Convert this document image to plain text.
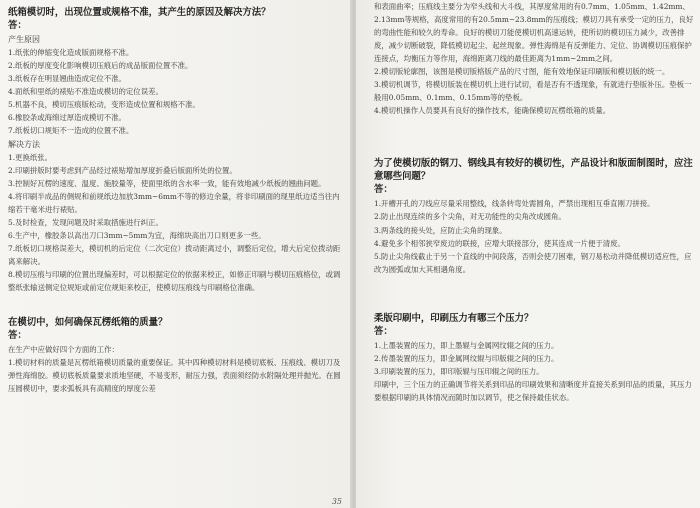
纸箱模切时，出现位置或规格不准，其产生的原因及解决方法？

答：

产生原因

1.纸张的伸缩变化造成版面规格不准。

2.纸板的厚度变化影响模切压痕后的成品版面位置不准。

3.纸板存在明显翘曲造成定位不准。

4.面纸和里纸的裱贴不准造成模切的定位误差。

5.机器不良，模切压痕版松动，变形造成位置和规格不准。

6.橡胶条或海绵过厚造成模切不准。

7.纸板切口规矩不一造成的位置不准。

解决方法

1.更换纸张。

2.印刷拼版时要考虑到产品经过裱贴增加厚度折叠后版面所处的位置。

3.控制好瓦楞的速度、温度、施胶量等，使面里纸的含水率一致，能有效地减少纸板的翘曲问题。

4.将印刷半成品的侧规和前规纸边加放3mm~6mm不等的修边余量，将非印刷面的现里纸边适当往内缩若干毫米进行裱贴。

5.及时检查，发现问题及时采取措施进行纠正。

6.生产中，橡胶条以高出刀口3mm~5mm为宜，海绵块高出刀口则更多一些。

7.纸板切口规格误差大，模切机的后定位（二次定位）拨动距离过小，调整后定位，增大后定位拨动距离来解决。

8.模切压痕与印刷的位置出现偏差时，可以根据定位的依据来校正，如修正印刷与模切压痕格位，或调整纸张输送侧定位规矩或前定位规矩来校正，使模切压痕线与印刷格位准确。

在模切中，如何确保瓦楞纸箱的质量？

答：

在生产中应做好四个方面的工作：

1.模切材料的质量是瓦楞纸箱模切质量的重要保证。其中四种模切材料是模切底板、压痕线、模切刀及弹性海绵胶。模切底板质量要求质地坚硬，不易变形，耐压力强，表面须经防水附隔处理并抛光。在圆压圆模切中，要求弧板具有高精度的厚度公差

35

和表面曲率；压痕线主要分为窄头线和大斗线，其厚度常用的有0.7mm、1.05mm、1.42mm、2.13mm等规格，高度常用的有20.5mm~23.8mm的压痕线；模切刀具有承受一定的压力，良好的弯曲性能和较久的寿命。良好的模切刀能使模切机高速运转，使所切的模切压力减少，改善排废，减少切断破裂，降低模切起尘、起丝现象。弹性海绵是有反弹能力、定位、协调模切压痕保护连接点，均衡压力等作用，海绵距离刀线的最佳距离为1mm~2mm之间。

2.模切版轮廓图，该图是模切版格版产品的尺寸图，能有效地保证印刷版和模切版的统一。

3.模切机调节，将模切版装在模切机上进行试切，看是否有不透现象，有就进行垫版补压。垫板一般用0.05mm、0.1mm、0.15mm等的垫板。

4.模切机操作人员要具有良好的操作技术，能确保模切瓦楞纸箱的质量。

为了使模切版的钢刀、钢线具有较好的模切性，产品设计和版面制图时，应注意哪些问题？

答：

1.开槽开孔的刀线应尽量采用整线，线条转弯处需圆角，严禁出现相互垂直刚刀拼接。

2.防止出现连续的多个尖角，对无功能性的尖角改成圆角。

3.两条线的接头处，应防止尖角的现象。

4.避免多个相邻狭窄废边的联接，应增大联接部分，使其连成一片便于清废。

5.防止尖角线截止于另一个直线的中间段落，否则会使刀困难，钢刀易松动并降低模切适应性，应改为圆弧或加大其相遇角度。

柔版印刷中，印刷压力有哪三个压力？

答：

1.上墨装置的压力，即上墨辊与金属网纹辊之间的压力。

2.传墨装置的压力，即金属网纹辊与印版辊之间的压力。

3.印刷装置的压力，即印版辊与压印辊之间的压力。

印刷中，三个压力的正确调节将关系到印品的印刷效果和清晰度并直接关系到印品的质量，其压力要根据印刷的具体情况而随时加以调节，使之保持最佳状态。
